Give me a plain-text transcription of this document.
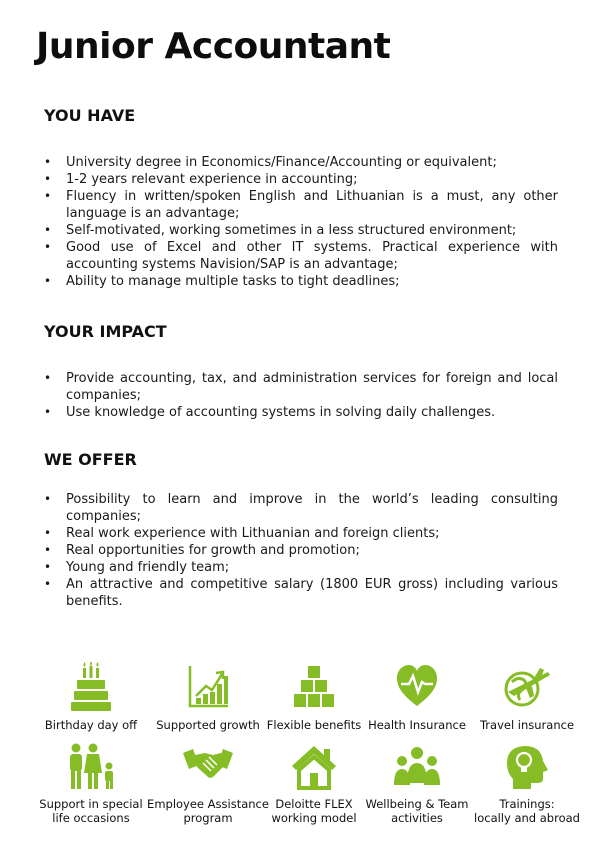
Junior Accountant
YOU HAVE
• University degree in Economics/Finance/Accounting or equivalent;
• 1-2 years relevant experience in accounting;
• Fluency in written/spoken English and Lithuanian is a must, any other language is an advantage;
• Self-motivated, working sometimes in a less structured environment;
• Good use of Excel and other IT systems. Practical experience with accounting systems Navision/SAP is an advantage;
• Ability to manage multiple tasks to tight deadlines;
YOUR IMPACT
• Provide accounting, tax, and administration services for foreign and local companies;
• Use knowledge of accounting systems in solving daily challenges.
WE OFFER
• Possibility to learn and improve in the world’s leading consulting companies;
• Real work experience with Lithuanian and foreign clients;
• Real opportunities for growth and promotion;
• Young and friendly team;
• An attractive and competitive salary (1800 EUR gross) including various benefits.
Birthday day off	Supported growth Flexible benefits Health Insurance	Travel insurance
Support in special
life occasions
Employee Assistance
program
Deloitte FLEX
working model
Wellbeing & Team
activities
Trainings:
locally and abroad
